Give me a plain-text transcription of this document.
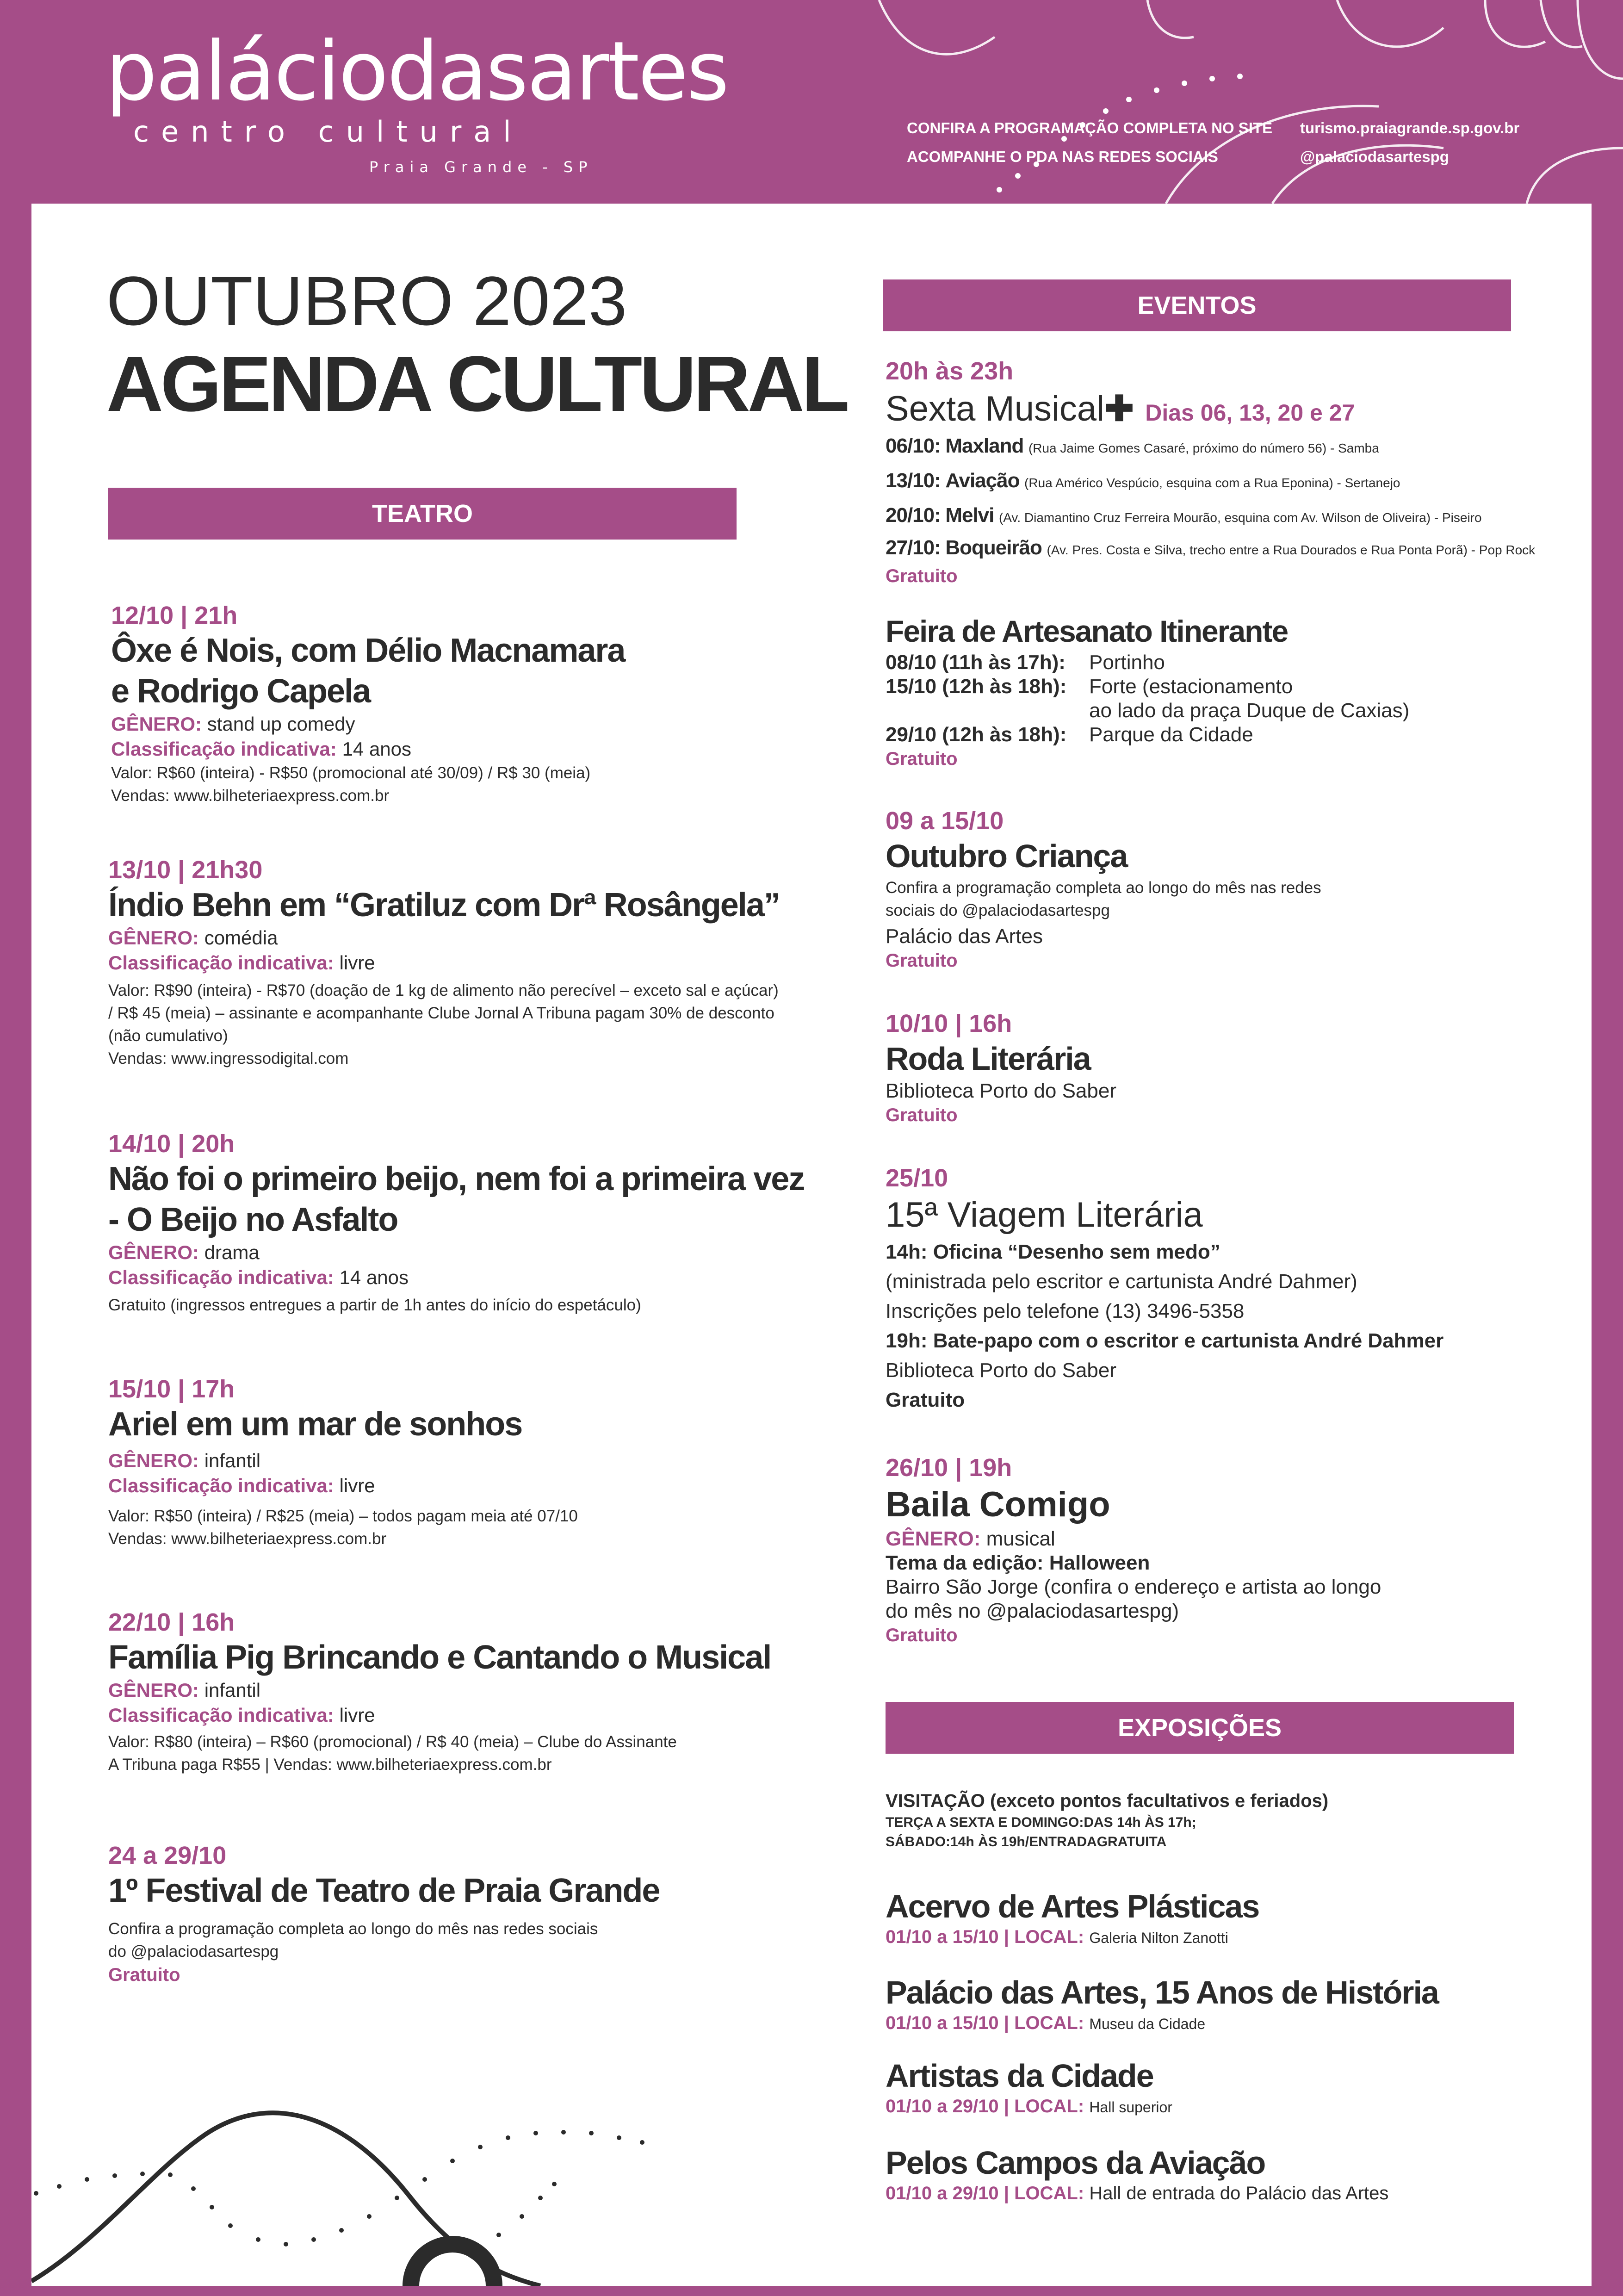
paláciodasartes
centro cultural
Praia Grande - SP
CONFIRA A PROGRAMAÇÃO COMPLETA NO SITE turismo.praiagrande.sp.gov.br
ACOMPANHE O PDA NAS REDES SOCIAIS	@palaciodasartespg
OUTUBRO 2023
AGENDA CULTURAL
TEATRO
12/10 | 21h
Ôxe é Nois, com Délio Macnamara
e Rodrigo Capela
GÊNERO: stand up comedy
Classificação indicativa: 14 anos
Valor: R$60 (inteira) - R$50 (promocional até 30/09) / R$ 30 (meia)
Vendas: www.bilheteriaexpress.com.br
13/10 | 21h30
Índio Behn em “Gratiluz com Drª Rosângela”
GÊNERO: comédia
Classificação indicativa: livre
Valor: R$90 (inteira) - R$70 (doação de 1 kg de alimento não perecível – exceto sal e açúcar)
/ R$ 45 (meia) – assinante e acompanhante Clube Jornal A Tribuna pagam 30% de desconto
(não cumulativo)
Vendas: www.ingressodigital.com
14/10 | 20h
Não foi o primeiro beijo, nem foi a primeira vez
- O Beijo no Asfalto
GÊNERO: drama
Classificação indicativa: 14 anos
Gratuito (ingressos entregues a partir de 1h antes do início do espetáculo)
15/10 | 17h
Ariel em um mar de sonhos
GÊNERO: infantil
Classificação indicativa: livre
Valor: R$50 (inteira) / R$25 (meia) – todos pagam meia até 07/10
Vendas: www.bilheteriaexpress.com.br
22/10 | 16h
Família Pig Brincando e Cantando o Musical
GÊNERO: infantil
Classificação indicativa: livre
Valor: R$80 (inteira) – R$60 (promocional) / R$ 40 (meia) – Clube do Assinante
A Tribuna paga R$55 | Vendas: www.bilheteriaexpress.com.br
24 a 29/10
1º Festival de Teatro de Praia Grande
Confira a programação completa ao longo do mês nas redes sociais
do @palaciodasartespg
Gratuito
EVENTOS
20h às 23h
Sexta Musical✚ Dias 06, 13, 20 e 27
06/10: Maxland (Rua Jaime Gomes Casaré, próximo do número 56) - Samba
13/10: Aviação (Rua Américo Vespúcio, esquina com a Rua Eponina) - Sertanejo
20/10: Melvi (Av. Diamantino Cruz Ferreira Mourão, esquina com Av. Wilson de Oliveira) - Piseiro
27/10: Boqueirão (Av. Pres. Costa e Silva, trecho entre a Rua Dourados e Rua Ponta Porã) - Pop Rock
Gratuito
Feira de Artesanato Itinerante
08/10 (11h às 17h): Portinho
15/10 (12h às 18h): Forte (estacionamento
ao lado da praça Duque de Caxias)
29/10 (12h às 18h): Parque da Cidade
Gratuito
09 a 15/10
Outubro Criança
Confira a programação completa ao longo do mês nas redes
sociais do @palaciodasartespg
Palácio das Artes
Gratuito
10/10 | 16h
Roda Literária
Biblioteca Porto do Saber
Gratuito
25/10
15ª Viagem Literária
14h: Oficina “Desenho sem medo”
(ministrada pelo escritor e cartunista André Dahmer)
Inscrições pelo telefone (13) 3496-5358
19h: Bate-papo com o escritor e cartunista André Dahmer
Biblioteca Porto do Saber
Gratuito
26/10 | 19h
Baila Comigo
GÊNERO: musical
Tema da edição: Halloween
Bairro São Jorge (confira o endereço e artista ao longo
do mês no @palaciodasartespg)
Gratuito
EXPOSIÇÕES
VISITAÇÃO (exceto pontos facultativos e feriados)
TERÇA A SEXTA E DOMINGO:DAS 14h ÀS 17h;
SÁBADO:14h ÀS 19h/ENTRADAGRATUITA
Acervo de Artes Plásticas
01/10 a 15/10 | LOCAL: Galeria Nilton Zanotti
Palácio das Artes, 15 Anos de História
01/10 a 15/10 | LOCAL: Museu da Cidade
Artistas da Cidade
01/10 a 29/10 | LOCAL: Hall superior
Pelos Campos da Aviação
01/10 a 29/10 | LOCAL: Hall de entrada do Palácio das Artes
